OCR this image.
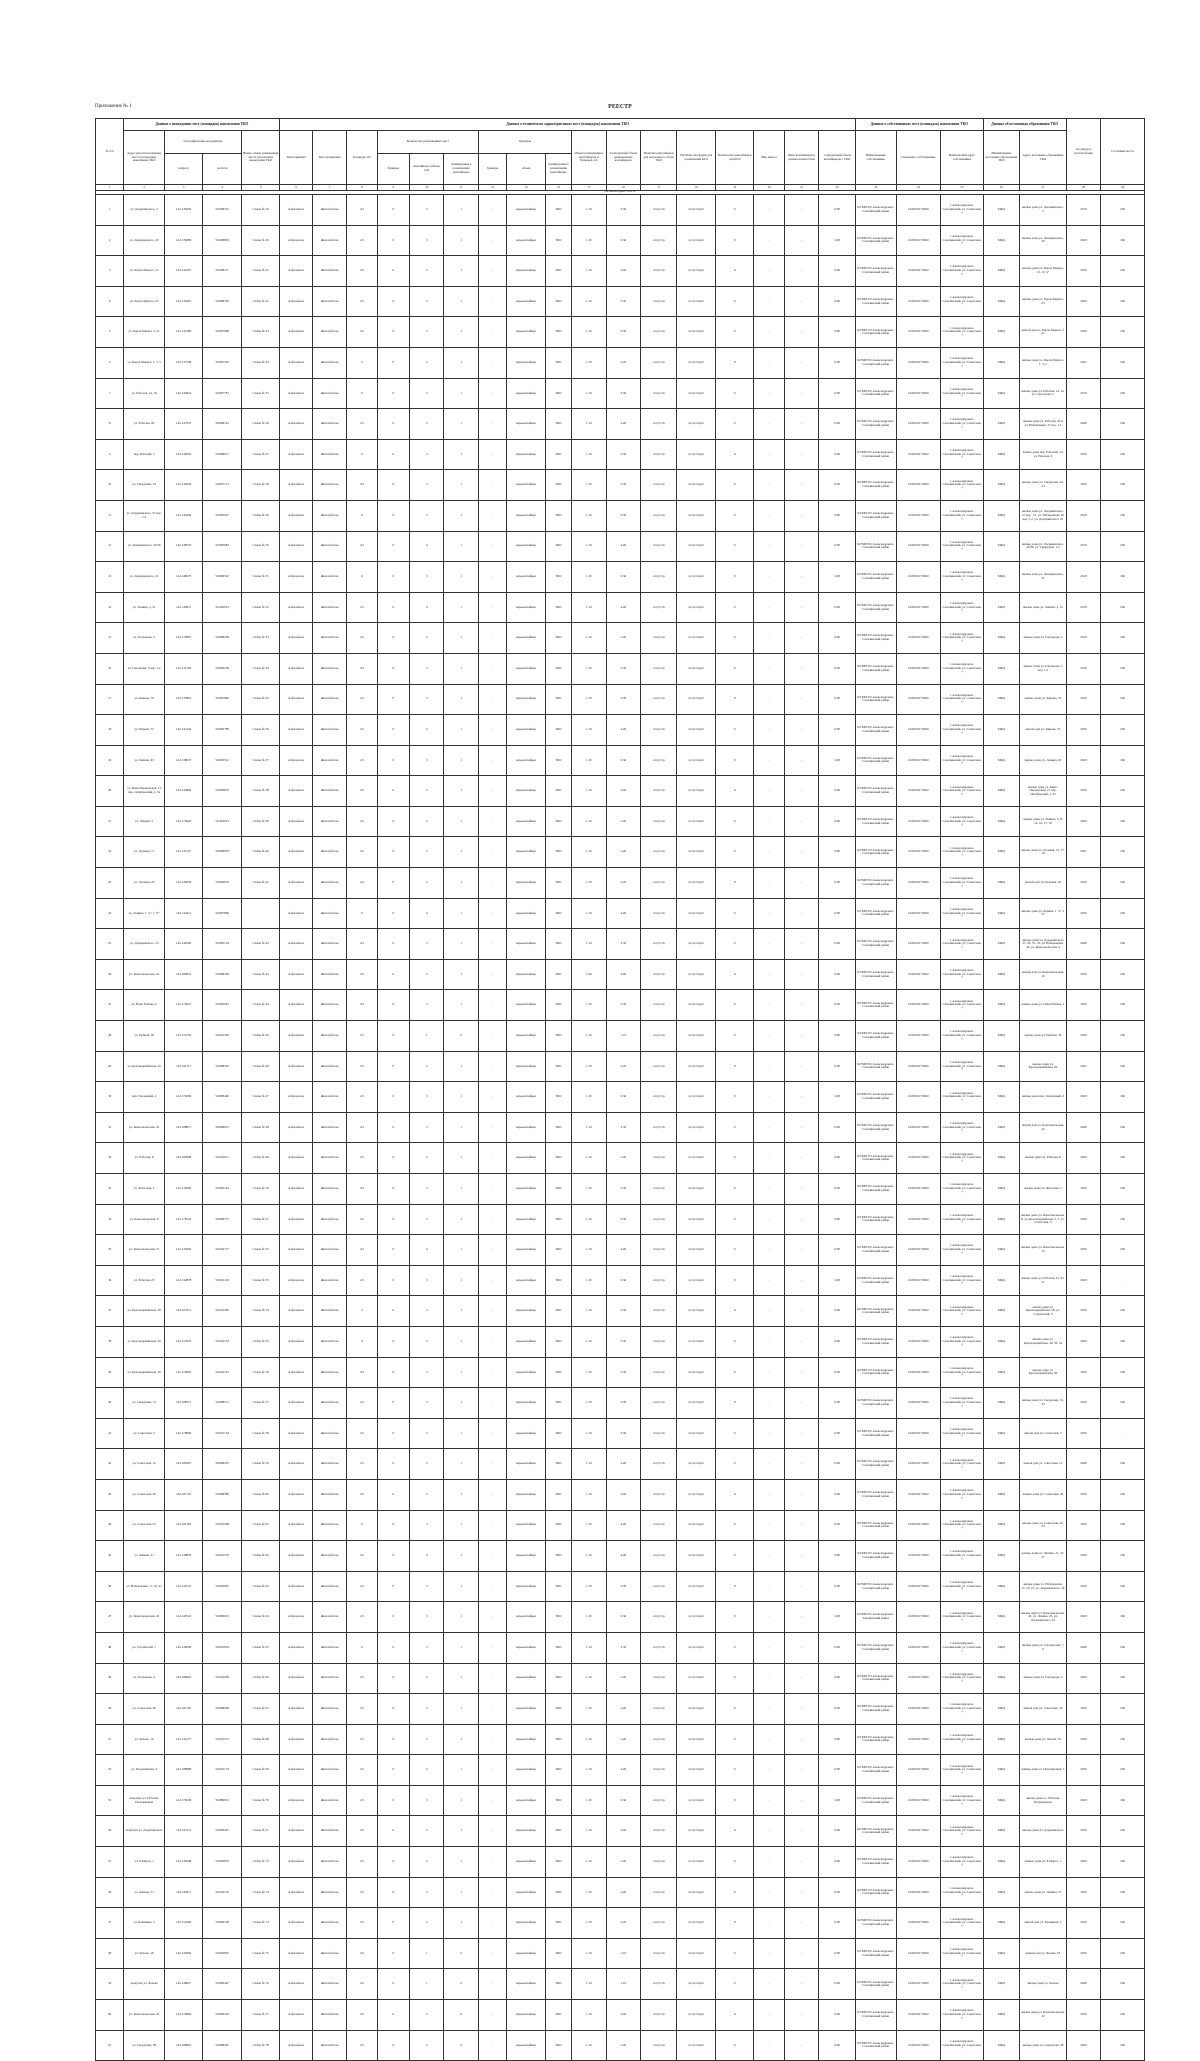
Приложение № 1	РЕЕСТР
№ п/п	Данные о нахождении мест (площадок) накопления ТКО				Данные о технических характеристиках мест (площадок) накопления ТКО																	Данные о собственниках мест (площадок) накопления ТКО			Данные об источниках образования ТКО		Год ввода в эксплуатацию	Состояние места
	Адрес (местоположение) места (площадки) накопления ТКО	Географические координаты		Номер схемы размещения места (площадки) накопления ТКО	Тип покрытия	Тип ограждения	Площадь, м2	Количество размещенных мест			Бункеры			Объем размещенных контейнеров и бункеров, м3	Стандартный объем размещенных контейнеров	Наличие контейнеров для раздельного сбора ТКО	Наличие площадки для размещения КГО	Количество контейнеров для КГО	Вид навеса	Факт контейнеров в разных количествах	Стандартный объем контейнеров с ТКО	Наименование собственника	Сведения о собственнике	Фактический адрес собственника	Наименование источника образования ТКО	Адрес источника образования ТКО		
		широта	долгота					бункеры	контейнеры (объем, м3)	планируемые к размещению контейнеры	бункеры	объем	планируемые к размещению контейнеры															
1	2	3	4	5	6	7	8	9	10	11	12	13	14	15	16	17	18	19	20	21	22	23	24	25	26	27	28	29
Система координат WGS 84																												
1	ул. Дзержинского, 2	142.136456	50.068701	Схема № 19	Асфальтное	Железобетон	4,5	0	3	1	-	евроконтейнер	ТБО	1,10	3,30	отсутств	отсутствует	0	-	-	0,00	КУМИ ГО Александровск-Сахалинский район	1026501179920	г. Александровск-Сахалинский, ул. Советская, 7	МКД	жилые дома ул. Дзержинского, 2	2019	ОК
2	ул. Дзержинского, 20	142.133080	50.068893	Схема № 20	Асфальтное	Железобетон	4,5	0	3	1	-	евроконтейнер	ТБО	1,10	3,30	отсутств	отсутствует	0	-	-	0,00	КУМИ ГО Александровск-Сахалинский район	1026501179920	г. Александровск-Сахалинский, ул. Советская, 7	МКД	жилые дома ул. Дзержинского, 20	2020	ОК
3	ул. Карла Маркса, 13	142.142267	50.898111	Схема № 21	Асфальтное	Железобетон	4,5	0	2	1	-	евроконтейнер	ТБО	1,10	2,20	отсутств	отсутствует	0	-	-	0,00	КУМИ ГО Александровск-Сахалинский район	1026501179920	г. Александровск-Сахалинский, ул. Советская, 7	МКД	жилые дома ул. Карла Маркса, 13, 13 "а"	2020	ОК
4	ул. Карла Маркса, 23	142.139463	50.898726	Схема № 22	Асфальтное	Железобетон	2,5	0	3	1	-	евроконтейнер	ТБО	1,10	3,30	отсутств	отсутствует	0	-	-	0,00	КУМИ ГО Александровск-Сахалинский район	1026501179920	г. Александровск-Сахалинский, ул. Советская, 7	МКД	жилые дома ул. Карла Маркса, 23	2020	ОК
5	ул. Карла Маркса, 5 а/с	142.143189	50.897998	Схема № 23	Асфальтное	Железобетон	4,5	0	3	1	-	евроконтейнер	ТБО	1,10	3,30	отсутств	отсутствует	0	-	-	0,00	КУМИ ГО Александровск-Сахалинский район	1026501179920	г. Александровск-Сахалинский, ул. Советская, 7	МКД	жилой дом ул. Карла Маркса, 5 а/с	2020	ОК
6	ул. Карла Маркса, 1, 3, 5	142.137768	50.897187	Схема № 24	Асфальтное	Железобетон	6	0	2	1	-	евроконтейнер	ТБО	1,10	2,20	отсутств	отсутствует	0	-	-	0,00	КУМИ ГО Александровск-Сахалинский район	1026501179920	г. Александровск-Сахалинский, ул. Советская, 7	МКД	жилые дома ул. Карла Маркса, 1, 3, 5	2021	ОК
7	ул. Рабочая, 14, 16	142.144816	50.897781	Схема № 25	Асфальтное	Железобетон	6	0	3	1	-	евроконтейнер	ТБО	1,10	3,30	отсутств	отсутствует	0	-	-	0,00	КУМИ ГО Александровск-Сахалинский район	1026501179920	г. Александровск-Сахалинский, ул. Советская, 7	МКД	жилые дома ул. Рабочая, 14, 16, ул. Свердлова, 5	2019	ОК
8	ул. Рабочая, 26	142.147947	50.898122	Схема № 26	Асфальтное	Железобетон	2,5	0	2	1	-	евроконтейнер	ТБО	1,10	2,20	отсутств	отсутствует	0	-	-	0,00	КУМИ ГО Александровск-Сахалинский район	1026501179920	г. Александровск-Сахалинский, ул. Советская, 7	МКД	жилые дома ул. Рабочая, 26 и ул. Набережная, 37 кор. 1,2	2020	ОК
9	пер. Рабочий, 5	142.148562	50.898617	Схема № 27	Асфальтное	Железобетон	9	0	3	1	-	евроконтейнер	ТБО	1,10	3,30	отсутств	отсутствует	0	-	-	0,00	КУМИ ГО Александровск-Сахалинский район	1026501179920	г. Александровск-Сахалинский, ул. Советская, 7	МКД	жилые дома пер. Рабочий, 5 и ул. Рабочая, 9	2020	ОК
10	ул. Свердлова, 22	142.139426	50.897112	Схема № 28	Асфальтное	Железобетон	4,5	0	3	1	-	евроконтейнер	ТБО	1,10	3,30	отсутств	отсутствует	0	-	-	0,00	КУМИ ГО Александровск-Сахалинский район	1026501179920	г. Александровск-Сахалинский, ул. Советская, 7	МКД	жилые дома ул. Свердлова, 22, 24	2020	ОК
11	ул. Дзержинского, 27 кор. 1,2	142.144439	50.895927	Схема № 29	Асфальтное	Железобетон	6	0	3	1	-	евроконтейнер	ТБО	1,10	3,30	отсутств	отсутствует	0	-	-	0,00	КУМИ ГО Александровск-Сахалинский район	1026501179920	г. Александровск-Сахалинский, ул. Советская, 7	МКД	жилые дома ул. Дзержинского, 27 кор. 1,2, ул. Набережная, 40 кор. 1,2, ул. Дзержинского, 25	2019	ОК
12	ул. Дзержинского, 29/30	142.148579	50.895983	Схема № 30	Асфальтное	Железобетон	4,5	0	4	1	-	евроконтейнер	ТБО	1,10	4,40	отсутств	отсутствует	0	-	-	0,00	КУМИ ГО Александровск-Сахалинский район	1026501179920	г. Александровск-Сахалинский, ул. Советская, 7	МКД	жилые дома ул. Дзержинского, 29/30, ул. Свердлова, 1,2	2019	ОК
13	ул. Дзержинского, 31	142.148475	50.896322	Схема № 31	Асфальтное	Железобетон	6	0	3	1	-	евроконтейнер	ТБО	1,10	3,30	отсутств	отсутствует	0	-	-	0,00	КУМИ ГО Александровск-Сахалинский район	1026501179920	г. Александровск-Сахалинский, ул. Советская, 7	МКД	жилые дома ул. Дзержинского, 31	2019	ОК
14	ул. Ленина, д. 31	142.139811	50.426053	Схема № 32	Асфальтное	Железобетон	2,5	0	4	1	-	евроконтейнер	ТБО	1,10	4,40	отсутств	отсутствует	0	-	-	0,00	КУМИ ГО Александровск-Сахалинский район	1026501179920	г. Александровск-Сахалинский, ул. Советская, 7	МКД	жилые дома ул. Ленина, д. 31	2019	ОК
15	ул. Гончарова, 2	142.133887	50.898238	Схема № 33	Асфальтное	Железобетон	4,5	0	2	1	-	евроконтейнер	ТБО	1,10	2,20	отсутств	отсутствует	0	-	-	0,00	КУМИ ГО Александровск-Сахалинский район	1026501179920	г. Александровск-Сахалинский, ул. Советская, 7	МКД	жилые дома ул. Гончарова, 2	2019	ОК
16	ул. Гончарова, 5 кор. 1,2	142.131504	50.896258	Схема № 34	Асфальтное	Железобетон	4,5	0	3	1	-	евроконтейнер	ТБО	1,10	3,30	отсутств	отсутствует	0	-	-	0,00	КУМИ ГО Александровск-Сахалинский район	1026501179920	г. Александровск-Сахалинский, ул. Советская, 7	МКД	жилые дома ул. Гончарова, 5 кор. 1,2	2019	ОК
17	ул. Кирова, 70	142.135861	50.897846	Схема № 35	Асфальтное	Железобетон	4,5	0	3	1	-	евроконтейнер	ТБО	1,10	3,30	отсутств	отсутствует	0	-	-	0,00	КУМИ ГО Александровск-Сахалинский район	1026501179920	г. Александровск-Сахалинский, ул. Советская, 7	МКД	жилые дома ул. Кирова, 70	2020	ОК
18	ул. Кирова, 72	142.141444	50.896788	Схема № 36	Асфальтное	Железобетон	2,5	0	2	1	-	евроконтейнер	ТБО	1,10	2,20	отсутств	отсутствует	0	-	-	0,00	КУМИ ГО Александровск-Сахалинский район	1026501179920	г. Александровск-Сахалинский, ул. Советская, 7	МКД	жилой дом ул. Кирова, 72	2020	ОК
19	ул. Ленина, 63	142.138037	50.892521	Схема № 37	Асфальтное	Железобетон	2,5	0	3	1	-	евроконтейнер	ТБО	1,10	3,30	отсутств	отсутствует	0	-	-	0,00	КУМИ ГО Александровск-Сахалинский район	1026501179920	г. Александровск-Сахалинский, ул. Советская, 7	МКД	жилые дома ул. Ленина, 63	2020	ОК
20	ул. Кино-Пионерская, 21 пер. Октябрьский, д. 3а	142.143809	50.896876	Схема № 38	Асфальтное	Железобетон	2,5	0	2	1	-	евроконтейнер	ТБО	1,10	2,20	отсутств	отсутствует	0	-	-	0,00	КУМИ ГО Александровск-Сахалинский район	1026501179920	г. Александровск-Сахалинский, ул. Советская, 7	МКД	жилые дома ул. Кино-Пионерская, 21 пер. Октябрьский, д. 3а	2020	ОК
21	ул. Ленина, 5	142.170420	50.464613	Схема № 39	Асфальтное	Железобетон	4,5	0	2	1	-	евроконтейнер	ТБО	1,10	2,20	отсутств	отсутствует	0	-	-	0,00	КУМИ ГО Александровск-Сахалинский район	1026501179920	г. Александровск-Сахалинский, ул. Советская, 7	МКД	жилые дома ул. Ленина, 5, 8, 14, 16, 17, 19	2020	ОК
22	ул. Лучевая, 17	142.145127	50.898052	Схема № 40	Асфальтное	Железобетон	4,5	0	2	1	-	евроконтейнер	ТБО	1,10	2,20	отсутств	отсутствует	0	-	-	0,00	КУМИ ГО Александровск-Сахалинский район	1026501179920	г. Александровск-Сахалинский, ул. Советская, 7	МКД	жилые дома ул. Лучевая, 15, 17, 19	2021	ОК
23	ул. Лучевая, 26	142.149059	50.896619	Схема № 41	Асфальтное	Железобетон	2,6	0	2	1	-	евроконтейнер	ТБО	1,10	2,20	отсутств	отсутствует	0	-	-	0,00	КУМИ ГО Александровск-Сахалинский район	1026501179920	г. Александровск-Сахалинский, ул. Советская, 7	МКД	жилой дом ул. Лучевая, 26	2020	ОК
24	ул. Ленина, 1 "а", 1 "б"	142.144411	50.897899		Асфальтное	Железобетон	6	0	4	1	-	евроконтейнер	ТБО	1,10	4,40	отсутств	отсутствует	0	-	-	0,00	КУМИ ГО Александровск-Сахалинский район	1026501179920	г. Александровск-Сахалинский, ул. Советская, 7	МКД	жилые дома ул. Ленина, 1 "а", 1 "б"	2020	ОК
25	ул. Дзержинского, 33	142.144590	50.895154	Схема № 42	Асфальтное	Железобетон	4,5	0	3	1	-	евроконтейнер	ТБО	1,10	3,30	отсутств	отсутствует	0	-	-	0,00	КУМИ ГО Александровск-Сахалинский район	1026501179920	г. Александровск-Сахалинский, ул. Советская, 7	МКД	жилые дома ул. Дзержинского 27, 29, 31, 33, ул. Набережная, 22, ул. Комсомольская, 4	2020	ОК
26	ул. Комсомольская, 16	142.186851	50.898369	Схема № 43	Асфальтное	Железобетон	4,5	0	2	1	-	евроконтейнер	ТБО	2,20	4,40	отсутств	отсутствует	0	-	-	0,00	КУМИ ГО Александровск-Сахалинский район	1026501179920	г. Александровск-Сахалинский, ул. Советская, 7	МКД	жилой дом ул. Комсомольская, 16	2020	ОК
27	ул. Ильи Рыбака, 2	142.174621	50.895941	Схема № 44	Асфальтное	Железобетон	4,5	0	3	1	-	евроконтейнер	ТБО	1,10	3,30	отсутств	отсутствует	0	-	-	0,00	КУМИ ГО Александровск-Сахалинский район	1026501179920	г. Александровск-Сахалинский, ул. Советская, 7	МКД	жилые дома ул. Ильи Рыбака, 2	2020	ОК
28	ул. Рыбная, 30	142.153750	50.922566	Схема № 45	Асфальтное	Железобетон	2,5	0	1	0	-	евроконтейнер	ТБО	1,10	1,10	отсутств	отсутствует	0	-	-	0,00	КУМИ ГО Александровск-Сахалинский район	1026501179920	г. Александровск-Сахалинский, ул. Советская, 7	МКД	жилые дома ул. Рыбная, 30	2020	ОК
29	ул. Красноармейская, 20	142.181117	50.898187	Схема № 46	Асфальтное	Железобетон	2,5	0	2	1	-	евроконтейнер	ТБО	1,10	2,20	отсутств	отсутствует	0	-	-	0,00	КУМИ ГО Александровск-Сахалинский район	1026501179920	г. Александровск-Сахалинский, ул. Советская, 7	МКД	жилые дома ул. Красноармейская, 20	2021	ОК
30	пер. Гончарный, 2	142.172606	50.898440	Схема № 47	Асфальтное	Железобетон	4,5	0	3	1	-	евроконтейнер	ТБО	1,10	3,30	отсутств	отсутствует	0	-	-	0,00	КУМИ ГО Александровск-Сахалинский район	1026501179920	г. Александровск-Сахалинский, ул. Советская, 7	МКД	жилые дома пер. Гончарный, 2	2020	ОК
31	ул. Комсомольская, 22	142.188871	50.898051	Схема № 48	Асфальтное	Железобетон	4,5	0	3	1	-	евроконтейнер	ТБО	1,10	3,30	отсутств	отсутствует	0	-	-	0,00	КУМИ ГО Александровск-Сахалинский район	1026501179920	г. Александровск-Сахалинский, ул. Советская, 7	МКД	жилой дом ул. Комсомольская, 22	2020	ОК
32	ул. Рабочая, 8	142.182668	50.924011	Схема № 49	Асфальтное	Железобетон	2,5	0	2	1	-	евроконтейнер	ТБО	1,10	2,20	отсутств	отсутствует	0	-	-	0,00	КУМИ ГО Александровск-Сахалинский район	1026501179920	г. Александровск-Сахалинский, ул. Советская, 7	МКД	жилые дома ул. Рабочая, 8	2020	ОК
33	ул. Флотская, 2	142.132996	50.895144	Схема № 50	Асфальтное	Железобетон	4,5	0	3	1	-	евроконтейнер	ТБО	1,10	3,30	отсутств	отсутствует	0	-	-	0,00	КУМИ ГО Александровск-Сахалинский район	1026501179920	г. Александровск-Сахалинский, ул. Советская, 7	МКД	жилые дома ул. Флотская, 2	2020	ОК
34	ул. Комсомольская, 8	142.178122	50.898772	Схема № 51	Асфальтное	Железобетон	4,5	0	3	1	-	евроконтейнер	ТБО	1,10	3,30	отсутств	отсутствует	0	-	-	0,00	КУМИ ГО Александровск-Сахалинский район	1026501179920	г. Александровск-Сахалинский, ул. Советская, 7	МКД	жилые дома ул. Комсомольская, 8, ул. Красноармейская, 5, 7, ул. Советская, 6	2020	ОК
35	ул. Комсомольская, 15	142.135664	50.924177	Схема № 52	Асфальтное	Железобетон	4,5	0	4	1	-	евроконтейнер	ТБО	1,10	4,40	отсутств	отсутствует	0	-	-	0,00	КУМИ ГО Александровск-Сахалинский район	1026501179920	г. Александровск-Сахалинский, ул. Советская, 7	МКД	жилые дома ул. Комсомольская, 15	2020	ОК
36	ул. Рабочая, 23	142.134878	50.923129	Схема № 53	Асфальтное	Железобетон	4,5	0	3	1	-	евроконтейнер	ТБО	1,10	3,30	отсутств	отсутствует	0	-	-	0,00	КУМИ ГО Александровск-Сахалинский район	1026501179920	г. Александровск-Сахалинский, ул. Советская, 7	МКД	жилые дома ул. Рабочая, 23, 25, 27	2020	-
37	ул. Красноармейская, 28	142.163512	50.924390	Схема № 54	Асфальтное	Железобетон	4	0	3	1	-	евроконтейнер	ТБО	1,10	3,30	отсутств	отсутствует	0	-	-	0,00	КУМИ ГО Александровск-Сахалинский район	1026501179920	г. Александровск-Сахалинский, ул. Советская, 7	МКД	жилые дома ул. Красноармейская, 28, ул. Строителей, 5	2020	ОК
38	ул. Красноармейская, 26	142.157832	50.924153	Схема № 55	Асфальтное	Железобетон	4	0	3	1	-	евроконтейнер	ТБО	1,10	3,30	отсутств	отсутствует	0	-	-	0,00	КУМИ ГО Александровск-Сахалинский район	1026501179920	г. Александровск-Сахалинский, ул. Советская, 7	МКД	жилые дома ул. Красноармейская, 26, 32, 34	2020	ОК
39	ул. Красноармейская, 30	142.159962	50.924101	Схема № 56	Асфальтное	Железобетон	4,5	0	3	1	-	евроконтейнер	ТБО	1,10	3,30	отсутств	отсутствует	0	-	-	0,00	КУМИ ГО Александровск-Сахалинский район	1026501179920	г. Александровск-Сахалинский, ул. Советская, 7	МКД	жилые дома ул. Красноармейская, 30	2020	ОК
40	ул. Свердлова, 31	142.188371	50.898511	Схема № 57	Асфальтное	Железобетон	4,5	0	3	1	-	евроконтейнер	ТБО	1,10	3,30	отсутств	отсутствует	0	-	-	0,00	КУМИ ГО Александровск-Сахалинский район	1026501179920	г. Александровск-Сахалинский, ул. Советская, 7	МКД	жилые дома ул. Свердлова, 31, 33	2020	ОК
41	ул. Советская, 5	142.179866	50.925154	Схема № 58	Асфальтное	Железобетон	2,5	0	3	1	-	евроконтейнер	ТБО	1,10	3,30	отсутств	отсутствует	0	-	-	0,00	КУМИ ГО Александровск-Сахалинский район	1026501179920	г. Александровск-Сахалинский, ул. Советская, 7	МКД	жилой дом ул. Советская, 5	2020	-
42	ул. Советская, 12	142.180267	50.898476	Схема № 59	Асфальтное	Железобетон	2,5	0	2	1	-	евроконтейнер	ТБО	1,10	2,20	отсутств	отсутствует	0	-	-	0,00	КУМИ ГО Александровск-Сахалинский район	1026501179920	г. Александровск-Сахалинский, ул. Советская, 7	МКД	жилой дом ул. Советская, 12	2020	ОК
43	ул. Советская, 20	142.181147	50.898580	Схема № 60	Асфальтное	Железобетон	2,5	0	2	1	-	евроконтейнер	ТБО	1,10	2,20	отсутств	отсутствует	0	-	-	0,00	КУМИ ГО Александровск-Сахалинский район	1026501179920	г. Александровск-Сахалинский, ул. Советская, 7	МКД	жилые дома ул. Советская, 20	2020	ОК
44	ул. Советская, 22	142.181392	50.925298	Схема № 61	Асфальтное	Железобетон	9	0	4	1	-	евроконтейнер	ТБО	1,10	4,40	отсутств	отсутствует	0	-	-	0,00	КУМИ ГО Александровск-Сахалинский район	1026501179920	г. Александровск-Сахалинский, ул. Советская, 7	МКД	жилые дома ул. Советская, 22, 24	2020	ОК
45	ул. Ленина, 21	142.148876	50.922579	Схема № 62	Асфальтное	Железобетон	4,5	0	4	1	-	евроконтейнер	ТБО	1,10	4,40	отсутств	отсутствует	0	-	-	0,00	КУМИ ГО Александровск-Сахалинский район	1026501179920	г. Александровск-Сахалинский, ул. Советская, 7	МКД	жилые дома ул. Ленина, 21, 23, 27	2020	ОК
46	ул. Набережная, 17, 19, 21	142.143725	50.926097	Схема № 63	Асфальтное	Железобетон	4,5	0	3	1	-	евроконтейнер	ТБО	1,10	3,30	отсутств	отсутствует	0	-	-	0,00	КУМИ ГО Александровск-Сахалинский район	1026501179920	г. Александровск-Сахалинский, ул. Советская, 7	МКД	жилые дома ул. Набережная, 17, 19, 21, ул. Дзержинского, 36	2020	ОК
47	ул. Комсомольская, 43	142.143541	50.899015	Схема № 64	Асфальтное	Железобетон	2,5	0	3	1	-	евроконтейнер	ТБО	1,10	3,30	отсутств	отсутствует	0	-	-	0,00	КУМИ ГО Александровск-Sахалинский район	1026501179920	г. Александровск-Сахалинский, ул. Советская, 7	МКД	жилые дома ул. Комсомольская, 43, ул. Ленина, 25, ул. Дзержинского, 42	2020	ОК
48	ул. Строителей, 7	142.148508	50.923854	Схема № 65	Асфальтное	Железобетон	6	0	3	1	-	евроконтейнер	ТБО	1,10	3,30	отсутств	отсутствует	0	-	-	0,00	КУМИ ГО Александровск-Сахалинский район	1026501179920	г. Александровск-Сахалинский, ул. Советская, 7	МКД	жилые дома ул. Строителей, 7, 9	2020	ОК
49	ул. Гончарова, 4	142.186663	50.924058	Схема № 66	Асфальтное	Железобетон	2,5	0	2	1	-	евроконтейнер	ТБО	1,10	2,20	отсутств	отсутствует	0	-	-	0,00	КУМИ ГО Александровск-Сахалинский район	1026501179920	г. Александровск-Сахалинский, ул. Советская, 7	МКД	жилые дома ул. Гончарова, 4	2020	ОК
50	ул. Советская, 39	142.181197	50.898928	Схема № 67	Асфальтное	Железобетон	2,5	0	2	1	-	евроконтейнер	ТБО	1,10	2,20	отсутств	отсутствует	0	-	-	0,00	КУМИ ГО Александровск-Сахалинский район	1026501179920	г. Александровск-Сахалинский, ул. Советская, 7	МКД	жилой дом ул. Советская, 39	2020	ОК
51	ул. Чехова, 16	142.142177	50.925513	Схема № 68	Асфальтное	Железобетон	2,5	0	2	1	-	евроконтейнер	ТБО	1,10	2,20	отсутств	отсутствует	0	-	-	0,00	КУМИ ГО Александровск-Сахалинский район	1026501179920	г. Александровск-Сахалинский, ул. Советская, 7	МКД	жилые дома ул. Чехова, 16	2020	ОК
52	ул. Пограничная, 3	142.188888	50.923174	Схема № 69	Асфальтное	Железобетон	2,5	0	2	1	-	евроконтейнер	ТБО	1,10	2,20	отсутств	отсутствует	0	-	-	0,00	КУМИ ГО Александровск-Сахалинский район	1026501179920	г. Александровск-Сахалинский, ул. Советская, 7	МКД	жилые дома ул. Пограничная, 3	2020	ОК
53	переулок ул. Рабочая, Пограничная	142.179229	50.886031	Схема № 70	Асфальтное	Железобетон	2,5	0	3	1	-	евроконтейнер	ТБО	1,10	3,30	отсутств	отсутствует	0	-	-	0,00	КУМИ ГО Александровск-Сахалинский район	1026501179920	г. Александровск-Сахалинский, ул. Советская, 7	МКД	жилые дома ул. Рабочая, Пограничная	2020	ОК
54	переулок ул. Дзержинского	142.147411	50.896447	Схема № 71	Асфальтное	Железобетон	2,5	0	2	1	-	евроконтейнер	ТБО	1,10	2,20	отсутств	отсутствует	0	-	-	0,00	КУМИ ГО Александровск-Сахалинский район	1026501179920	г. Александровск-Сахалинский, ул. Советская, 7	МКД	жилые дома ул. Дзержинского	2020	ОК
55	ул. 8-Марта, 1	142.148448	50.926870	Схема № 72	Асфальтное	Железобетон	2,5	0	2	1	-	евроконтейнер	ТБО	1,10	2,20	отсутств	отсутствует	0	-	-	0,00	КУМИ ГО Александровск-Сахалинский район	1026501179920	г. Александровск-Сахалинский, ул. Советская, 7	МКД	жилые дома ул. 8-Марта, 1	2020	ОК
56	ул. Ленина, 37	142.143611	50.924110	Схема № 73	Асфальтное	Железобетон	2,5	0	2	1	-	евроконтейнер	ТБО	1,10	2,20	отсутств	отсутствует	0	-	-	0,00	КУМИ ГО Александровск-Сахалинский район	1026501179920	г. Александровск-Сахалинский, ул. Советская, 7	МКД	жилые дома ул. Ленина, 37	2020	ОК
57	ул. Калинина, 2	142.152499	50.899128	Схема № 74	Асфальтное	Железобетон	2,5	0	2	1	-	евроконтейнер	ТБО	1,10	2,20	отсутств	отсутствует	0	-	-	0,00	КУМИ ГО Александровск-Сахалинский район	1026501179920	г. Александровск-Сахалинский, ул. Советская, 7	МКД	жилой дом ул. Калинина, 2	2020	ОК
58	ул. Чехова, 18	142.143960	50.926835	Схема № 75	Асфальтное	Железобетон	2,0	0	1	0	-	евроконтейнер	ТБО	1,10	1,10	отсутств	отсутствует	0	-	-	0,00	КУМИ ГО Александровск-Сахалинский район	1026501179920	г. Александровск-Сахалинский, ул. Советская, 7	МКД	жилой дом ул. Чехова, 18	2020	ОК
59	переулок ул. Чехова	142.148627	50.896447	Схема № 76	Асфальтное	Железобетон	2,0	0	1	0	-	евроконтейнер	ТБО	1,10	1,10	отсутств	отсутствует	0	-	-	0,00	КУМИ ГО Александровск-Сахалинский район	1026501179920	г. Александровск-Сахалинский, ул. Советская, 7	МКД	жилые дома ул. Чехова	2020	ОК
60	ул. Комсомольская, 22	142.179866	50.899146	Схема № 77	Асфальтное	Железобетон	2,5	0	2	0	-	евроконтейнер	ТБО	1,10	2,20	отсутств	отсутствует	0	-	-	0,00	КУМИ ГО Александровск-Сахалинский район	1026501179920	г. Александровск-Сахалинский, ул. Советская, 7	МКД	жилые дома ул. Комсомольская, 22	2020	ОК
61	ул. Свердлова, 38	142.188810	50.898447	Схема № 78	Асфальтное	Железобетон	2,5	0	2	0	-	евроконтейнер	ТБО	1,10	2,20	отсутств	отсутствует	0	-	-	0,00	КУМИ ГО Александровск-Сахалинский район	1026501179920	г. Александровск-Сахалинский, ул. Советская, 7	МКД	жилые дома ул. Свердлова, 38	2020	ОК
